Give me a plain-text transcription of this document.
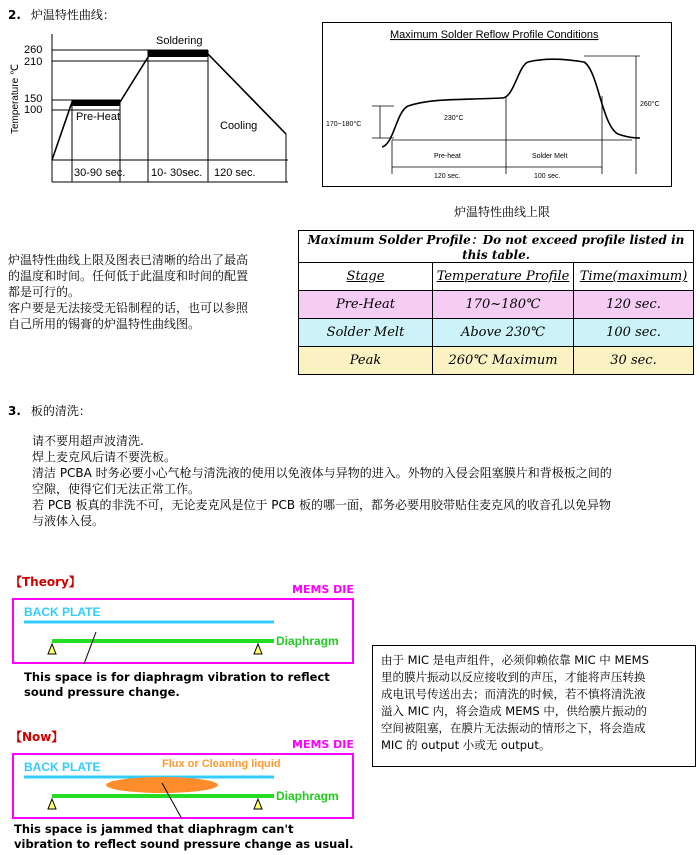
2. 炉温特性曲线：
260
210
150
100
Soldering
Pre-Heat
Cooling
30-90 sec. 10- 30sec. 120 sec.
Temperature ℃
Maximum Solder Reflow Profile Conditions
170~180°C
230°C
260°C
Pre-heat	Solder Melt
120 sec.	100 sec.
炉温特性曲线上限
炉温特性曲线上限及图表已清晰的给出了最高
的温度和时间。任何低于此温度和时间的配置
都是可行的。
客户要是无法接受无铅制程的话，也可以参照
自己所用的锡膏的炉温特性曲线图。
Maximum Solder Profile：Do not exceed profile listed in this table.		
Stage	Temperature Profile	Time(maximum)
Pre-Heat	170~180℃	120 sec.
Solder Melt	Above 230℃	100 sec.
Peak	260℃ Maximum	30 sec.
3. 板的清洗：
请不要用超声波清洗.
焊上麦克风后请不要洗板。
清洁 PCBA 时务必要小心气枪与清洗液的使用以免液体与异物的进入。外物的入侵会阻塞膜片和背极板之间的
空隙，使得它们无法正常工作。
若 PCB 板真的非洗不可，无论麦克风是位于 PCB 板的哪一面，都务必要用胶带贴住麦克风的收音孔以免异物
与液体入侵。
【Theory】
MEMS DIE
BACK PLATE
Diaphragm
This space is for diaphragm vibration to reflect
sound pressure change.
【Now】
MEMS DIE
BACK PLATE	Flux or Cleaning liquid
Diaphragm
This space is jammed that diaphragm can't
vibration to reflect sound pressure change as usual.
由于 MIC 是电声组件，必须仰赖依靠 MIC 中 MEMS
里的膜片振动以反应接收到的声压，才能将声压转换
成电讯号传送出去；而清洗的时候，若不慎将清洗液
溢入 MIC 内，将会造成 MEMS 中，供给膜片振动的
空间被阻塞，在膜片无法振动的情形之下，将会造成
MIC 的 output 小或无 output。
